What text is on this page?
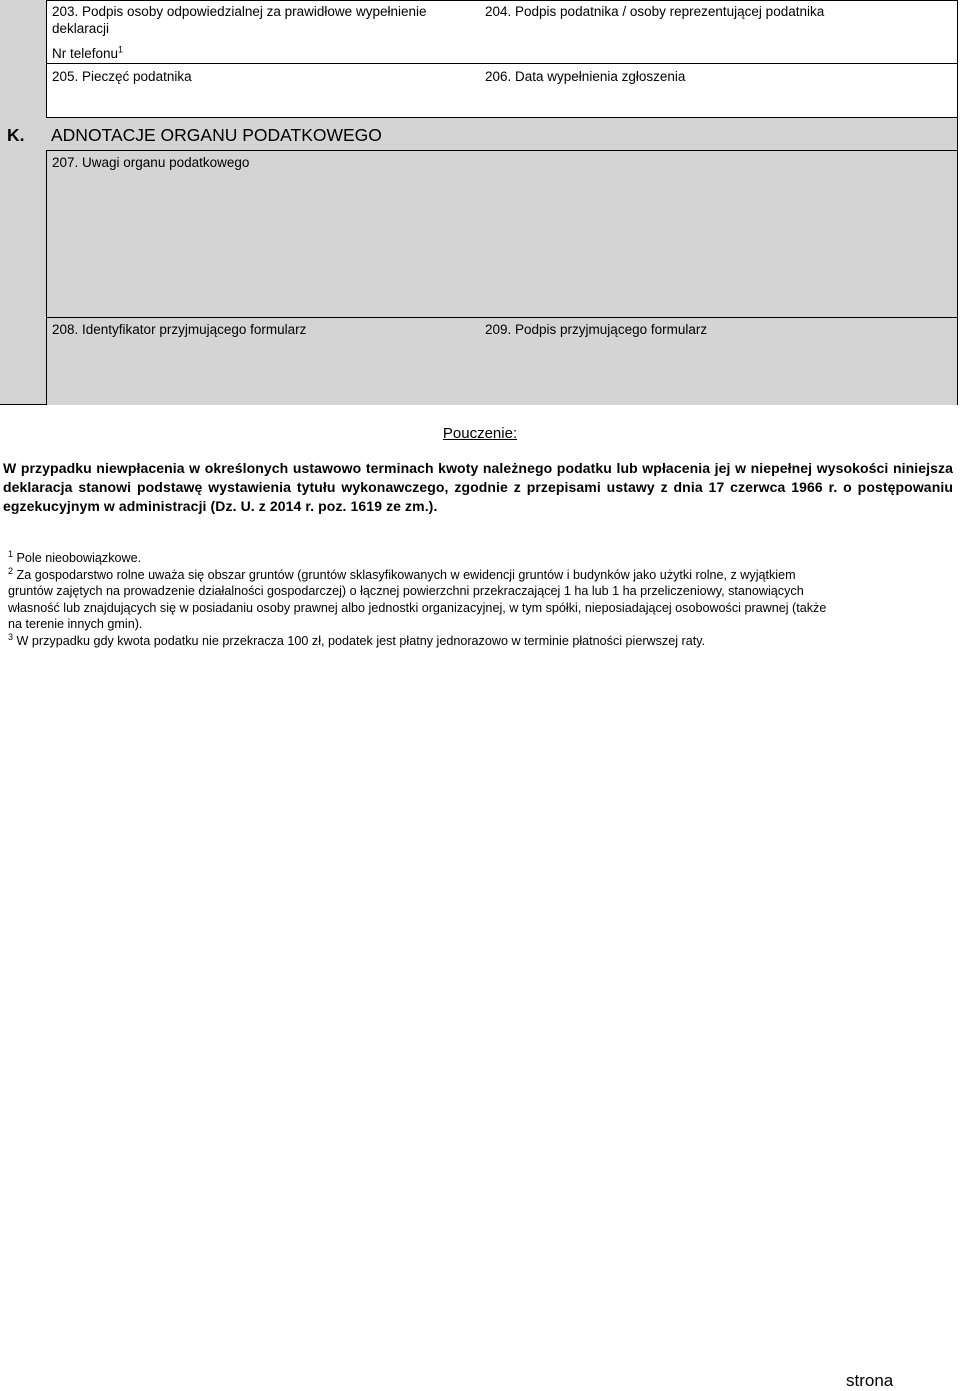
203. Podpis osoby odpowiedzialnej za prawidłowe wypełnienie
deklaracji
Nr telefonu$^1$
204. Podpis podatnika / osoby reprezentującej podatnika
205. Pieczęć podatnika	206. Data wypełnienia zgłoszenia
K. ADNOTACJE ORGANU PODATKOWEGO
207. Uwagi organu podatkowego
208. Identyfikator przyjmującego formularz	209. Podpis przyjmującego formularz
Pouczenie:
W przypadku niewpłacenia w określonych ustawowo terminach kwoty należnego podatku lub wpłacenia jej w niepełnej wysokości niniejsza deklaracja stanowi podstawę wystawienia tytułu wykonawczego, zgodnie z przepisami ustawy z dnia 17 czerwca 1966 r. o postępowaniu egzekucyjnym w administracji (Dz. U. z 2014 r. poz. 1619 ze zm.).
$^1$ Pole nieobowiązkowe.
$^2$ Za gospodarstwo rolne uważa się obszar gruntów (gruntów sklasyfikowanych w ewidencji gruntów i budynków jako użytki rolne, z wyjątkiem
gruntów zajętych na prowadzenie działalności gospodarczej) o łącznej powierzchni przekraczającej 1 ha lub 1 ha przeliczeniowy, stanowiących
własność lub znajdujących się w posiadaniu osoby prawnej albo jednostki organizacyjnej, w tym spółki, nieposiadającej osobowości prawnej (także
na terenie innych gmin).
$^3$ W przypadku gdy kwota podatku nie przekracza 100 zł, podatek jest płatny jednorazowo w terminie płatności pierwszej raty.
strona
